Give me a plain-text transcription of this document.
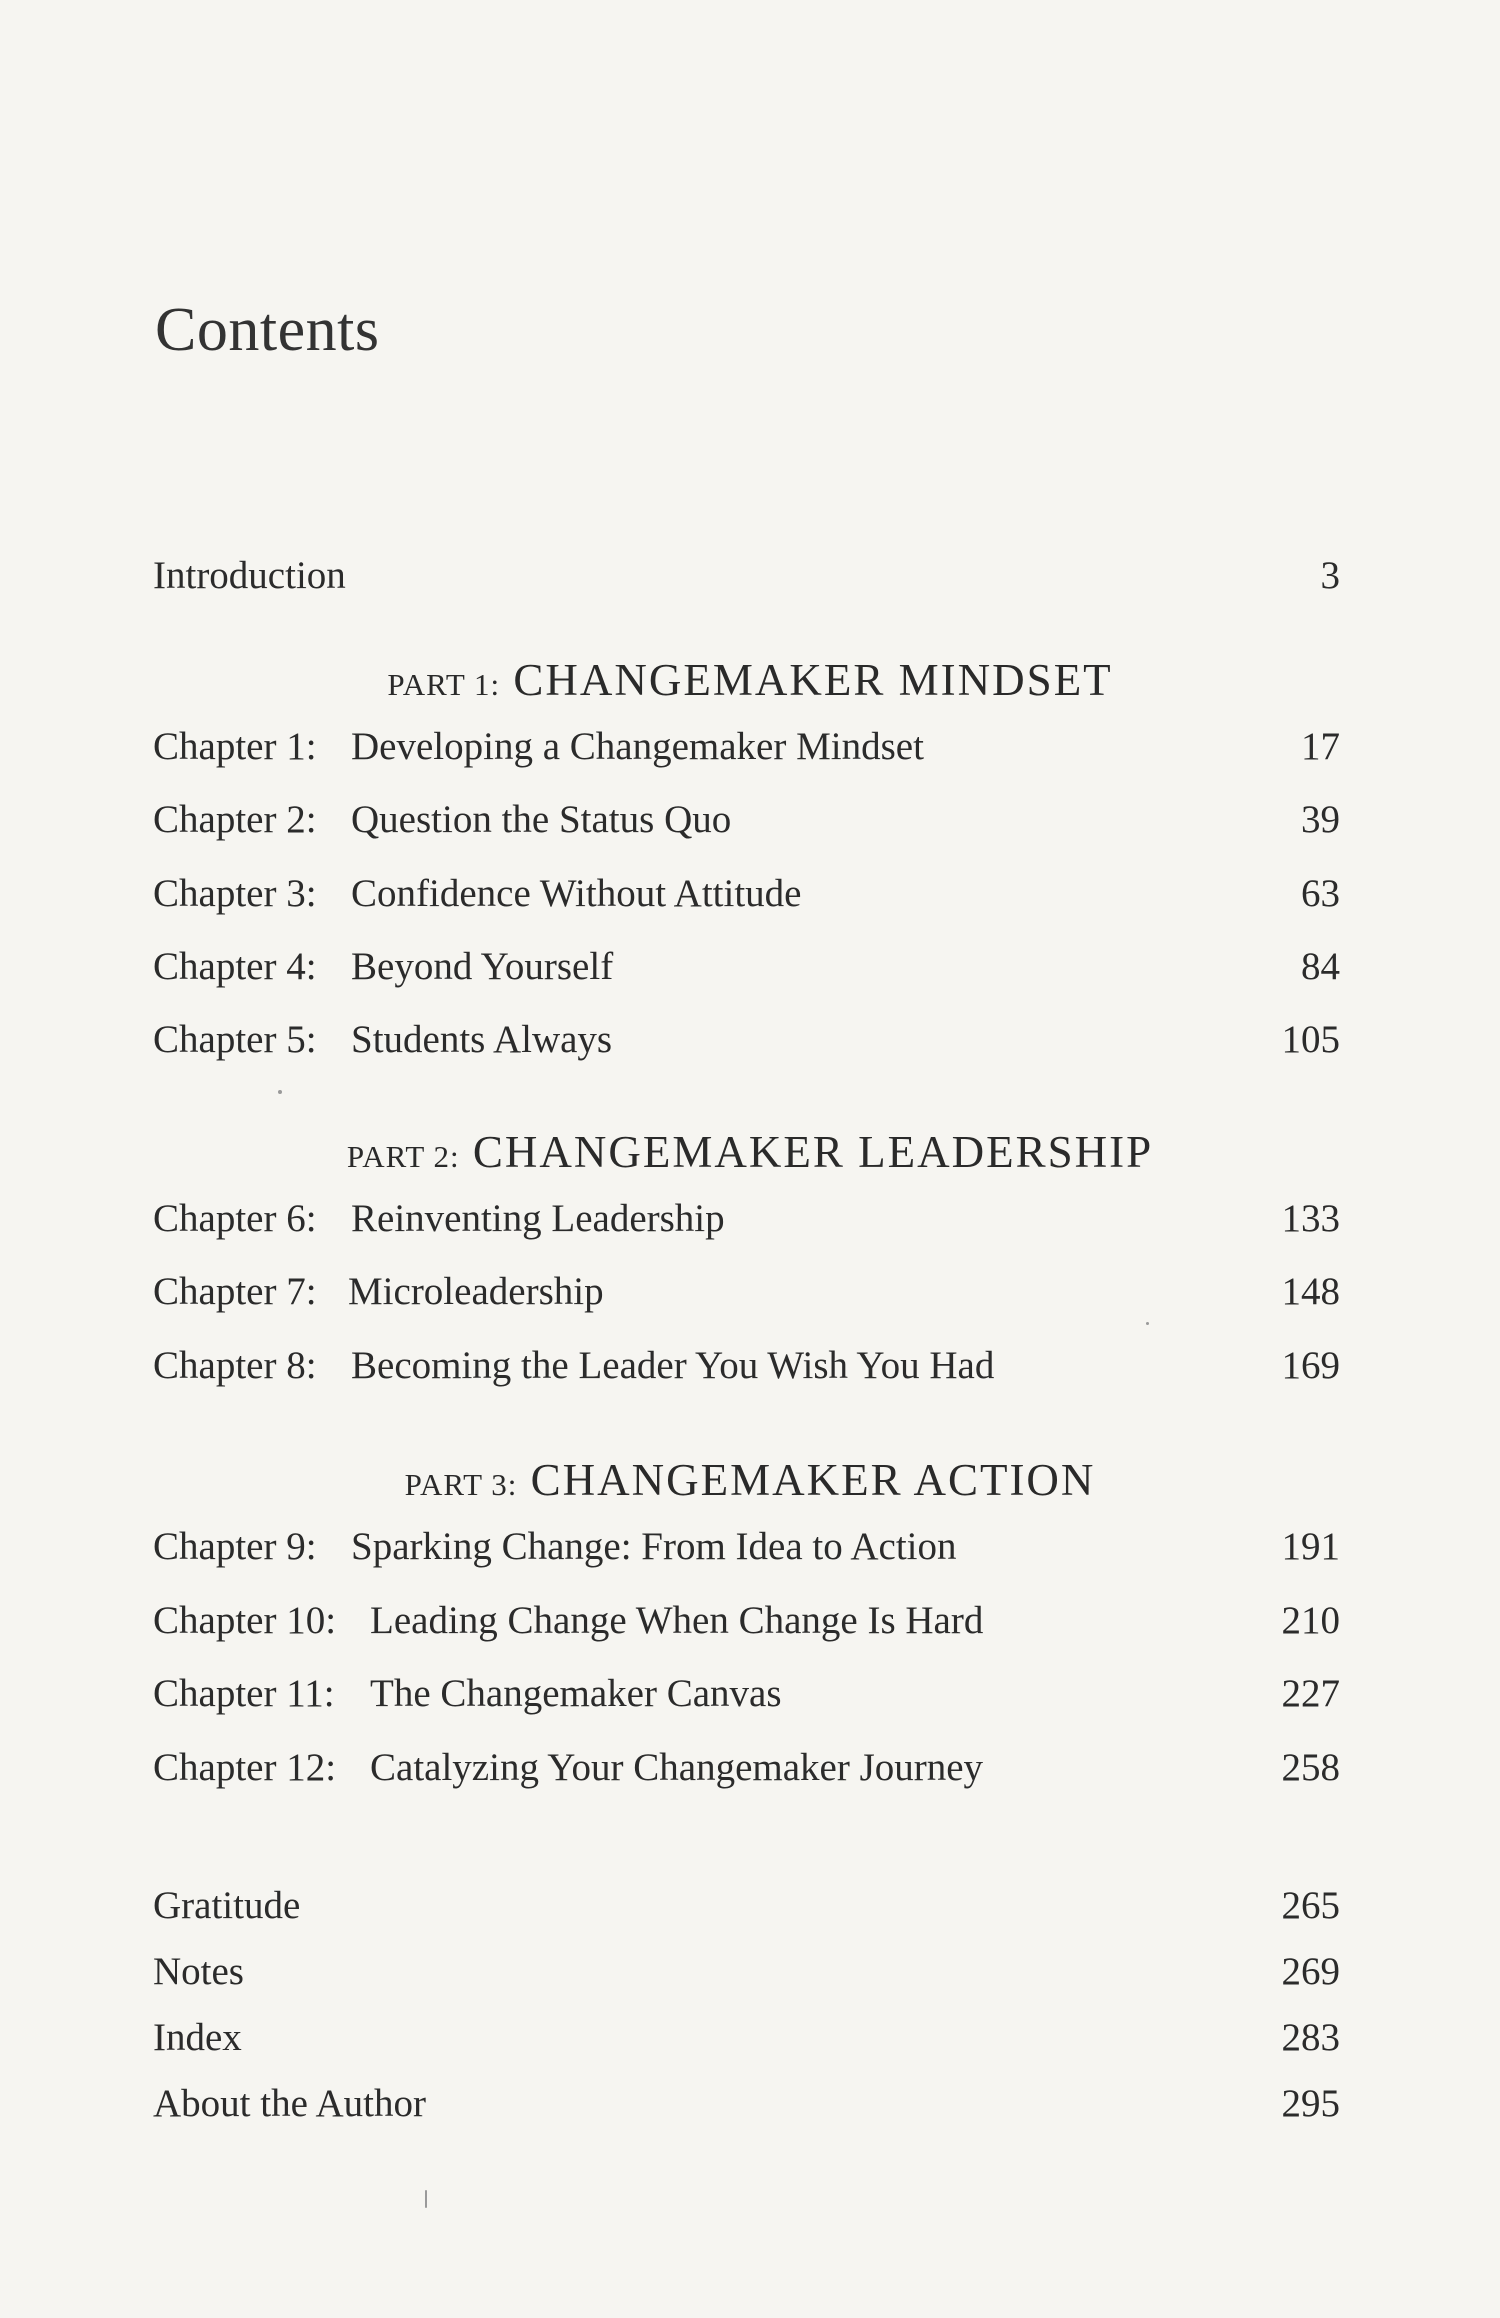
Contents
Introduction	3
PART 1: CHANGEMAKER MINDSET
Chapter 1: Developing a Changemaker Mindset	17
Chapter 2: Question the Status Quo	39
Chapter 3: Confidence Without Attitude	63
Chapter 4: Beyond Yourself	84
Chapter 5: Students Always	105
PART 2: CHANGEMAKER LEADERSHIP
Chapter 6: Reinventing Leadership	133
Chapter 7: Microleadership	148
Chapter 8: Becoming the Leader You Wish You Had	169
PART 3: CHANGEMAKER ACTION
Chapter 9: Sparking Change: From Idea to Action	191
Chapter 10: Leading Change When Change Is Hard	210
Chapter 11: The Changemaker Canvas	227
Chapter 12: Catalyzing Your Changemaker Journey	258
Gratitude	265
Notes	269
Index	283
About the Author	295
